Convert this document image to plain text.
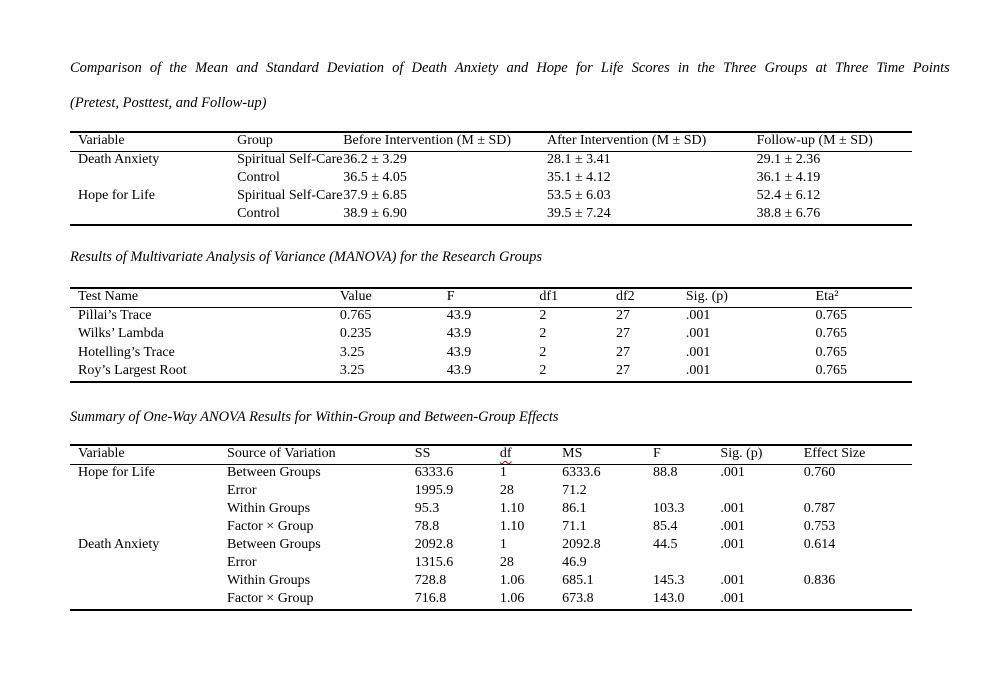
Comparison of the Mean and Standard Deviation of Death Anxiety and Hope for Life Scores in the Three Groups at Three Time Points
(Pretest, Posttest, and Follow-up)
Variable	Group	Before Intervention (M ± SD)	After Intervention (M ± SD)	Follow-up (M ± SD)
Death Anxiety	Spiritual Self-Care	36.2 ± 3.29	28.1 ± 3.41	29.1 ± 2.36
	Control	36.5 ± 4.05	35.1 ± 4.12	36.1 ± 4.19
Hope for Life	Spiritual Self-Care	37.9 ± 6.85	53.5 ± 6.03	52.4 ± 6.12
	Control	38.9 ± 6.90	39.5 ± 7.24	38.8 ± 6.76
Results of Multivariate Analysis of Variance (MANOVA) for the Research Groups
Test Name	Value	F	df1	df2	Sig. (p)	Eta²
Pillai’s Trace	0.765	43.9	2	27	.001	0.765
Wilks’ Lambda	0.235	43.9	2	27	.001	0.765
Hotelling’s Trace	3.25	43.9	2	27	.001	0.765
Roy’s Largest Root	3.25	43.9	2	27	.001	0.765
Summary of One-Way ANOVA Results for Within-Group and Between-Group Effects
Variable	Source of Variation	SS	df	MS	F	Sig. (p)	Effect Size
Hope for Life	Between Groups	6333.6	1	6333.6	88.8	.001	0.760
	Error	1995.9	28	71.2			
	Within Groups	95.3	1.10	86.1	103.3	.001	0.787
	Factor × Group	78.8	1.10	71.1	85.4	.001	0.753
Death Anxiety	Between Groups	2092.8	1	2092.8	44.5	.001	0.614
	Error	1315.6	28	46.9			
	Within Groups	728.8	1.06	685.1	145.3	.001	0.836
	Factor × Group	716.8	1.06	673.8	143.0	.001	
